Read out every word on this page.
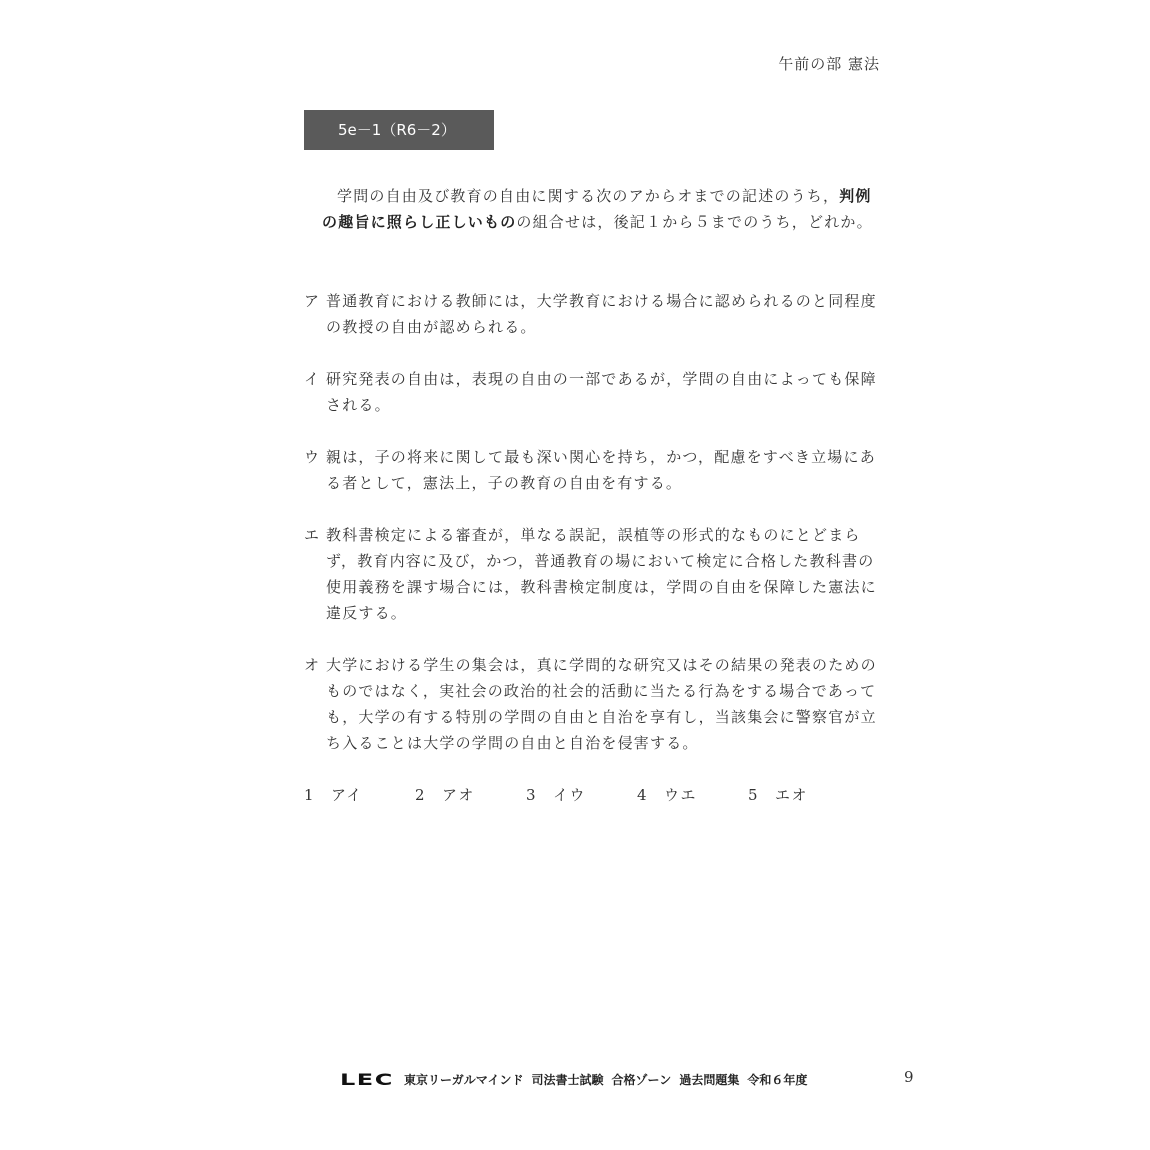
午前の部 憲法
5e－1（R6－2）
学問の自由及び教育の自由に関する次のアからオまでの記述のうち，判例の趣旨に照らし正しいものの組合せは，後記１から５までのうち，どれか。
ア 普通教育における教師には，大学教育における場合に認められるのと同程度の教授の自由が認められる。
イ 研究発表の自由は，表現の自由の一部であるが，学問の自由によっても保障される。
ウ 親は，子の将来に関して最も深い関心を持ち，かつ，配慮をすべき立場にある者として，憲法上，子の教育の自由を有する。
エ 教科書検定による審査が，単なる誤記，誤植等の形式的なものにとどまらず，教育内容に及び，かつ，普通教育の場において検定に合格した教科書の使用義務を課す場合には，教科書検定制度は，学問の自由を保障した憲法に違反する。
オ 大学における学生の集会は，真に学問的な研究又はその結果の発表のためのものではなく，実社会の政治的社会的活動に当たる行為をする場合であっても，大学の有する特別の学問の自由と自治を享有し，当該集会に警察官が立ち入ることは大学の学問の自由と自治を侵害する。
1 アイ	2 アオ	3 イウ	4 ウエ	5 エオ
LEC 東京リーガルマインド 司法書士試験 合格ゾーン 過去問題集 令和６年度	9
